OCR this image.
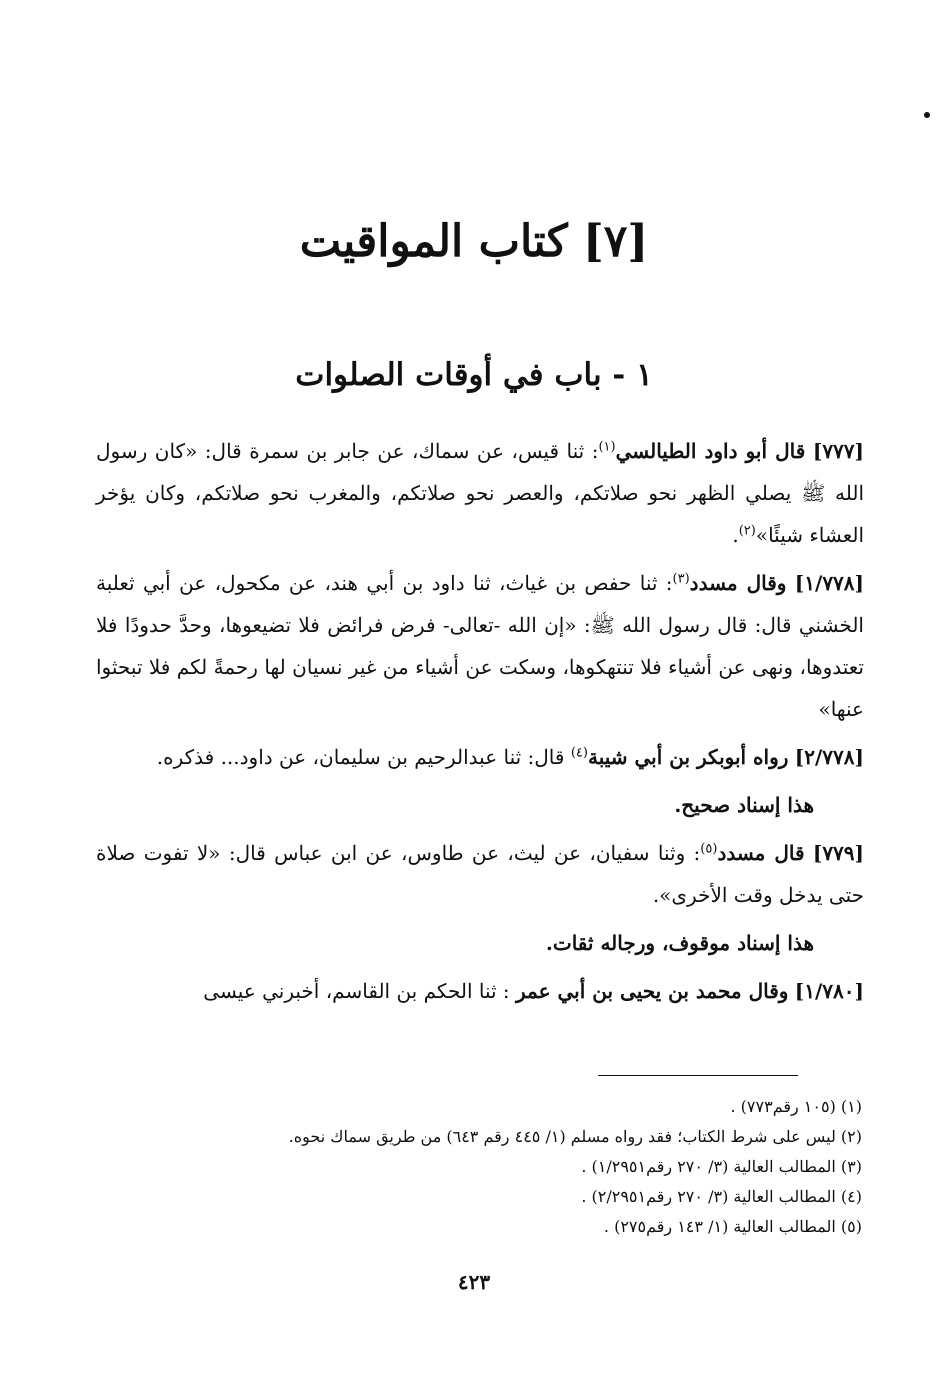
[٧] كتاب المواقيت
١ - باب في أوقات الصلوات

[٧٧٧] قال أبو داود الطيالسي$^{(١)}$: ثنا قيس، عن سماك، عن جابر بن سمرة قال: «كان رسول الله ﷺ يصلي الظهر نحو صلاتكم، والعصر نحو صلاتكم، والمغرب نحو صلاتكم، وكان يؤخر العشاء شيئًا»$^{(٢)}$.

[١/٧٧٨] وقال مسدد$^{(٣)}$: ثنا حفص بن غياث، ثنا داود بن أبي هند، عن مكحول، عن أبي ثعلبة الخشني قال: قال رسول الله ﷺ: «إن الله -تعالى- فرض فرائض فلا تضيعوها، وحدَّ حدودًا فلا تعتدوها، ونهى عن أشياء فلا تنتهكوها، وسكت عن أشياء من غير نسيان لها رحمةً لكم فلا تبحثوا عنها»

[٢/٧٧٨] رواه أبوبكر بن أبي شيبة$^{(٤)}$ قال: ثنا عبدالرحيم بن سليمان، عن داود... فذكره.

هذا إسناد صحيح.

[٧٧٩] قال مسدد$^{(٥)}$: وثنا سفيان، عن ليث، عن طاوس، عن ابن عباس قال: «لا تفوت صلاة حتى يدخل وقت الأخرى».

هذا إسناد موقوف، ورجاله ثقات.

[١/٧٨٠] وقال محمد بن يحيى بن أبي عمر : ثنا الحكم بن القاسم، أخبرني عيسى

(١) (١٠٥ رقم٧٧٣) .
(٢) ليس على شرط الكتاب؛ فقد رواه مسلم (١/ ٤٤٥ رقم ٦٤٣) من طريق سماك نحوه.
(٣) المطالب العالية (٣/ ٢٧٠ رقم١/٢٩٥١) .
(٤) المطالب العالية (٣/ ٢٧٠ رقم٢/٢٩٥١) .
(٥) المطالب العالية (١/ ١٤٣ رقم٢٧٥) .
٤٢٣
